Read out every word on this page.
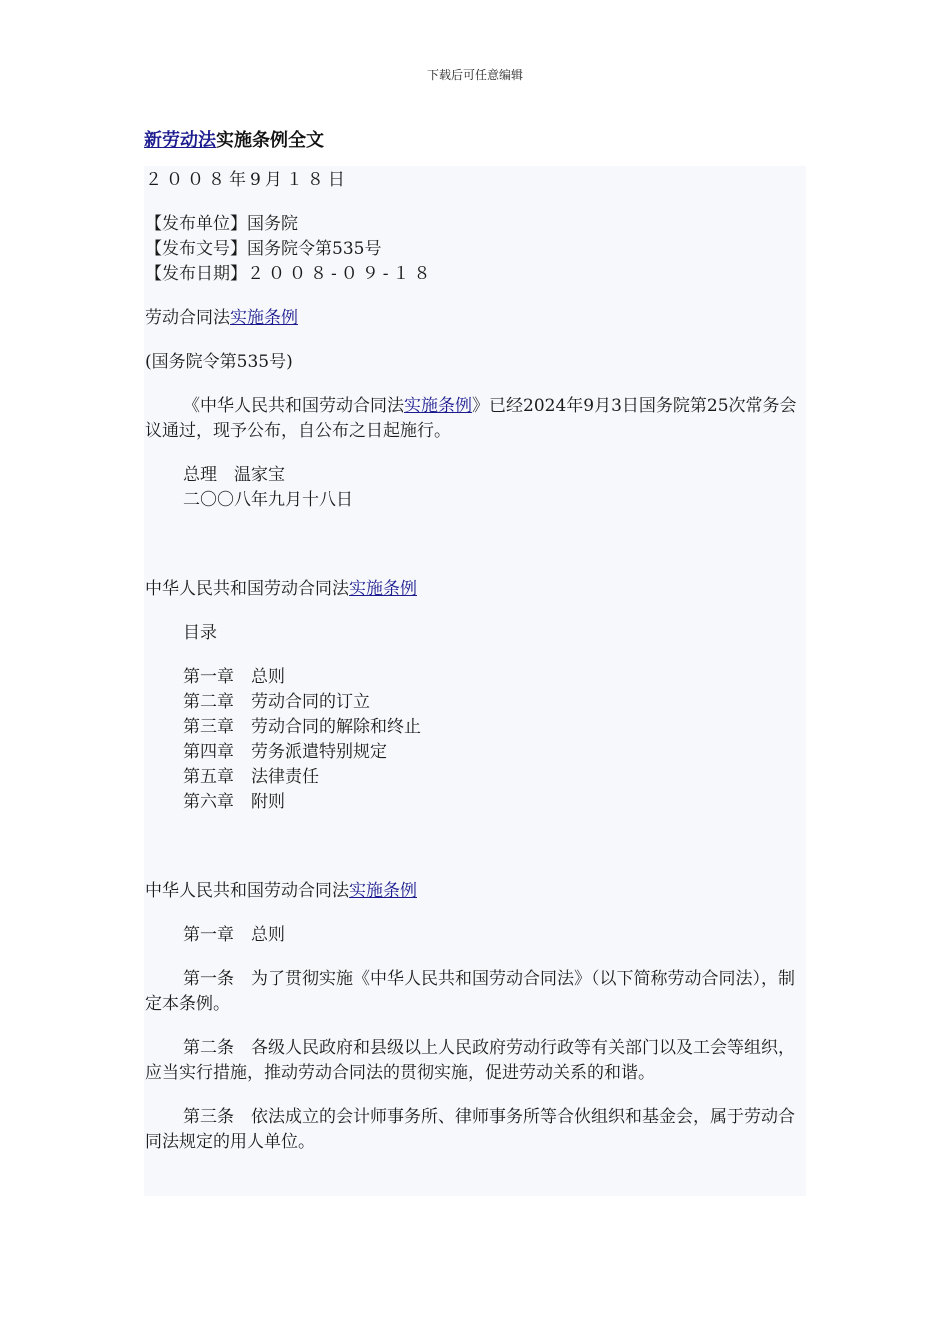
下载后可任意编辑
新劳动法实施条例全文

２００８年9月１８日

【发布单位】国务院

【发布文号】国务院令第535号

【发布日期】２００８-０９-１８

劳动合同法实施条例

(国务院令第535号)

《中华人民共和国劳动合同法实施条例》已经2024年9月3日国务院第25次常务会议通过，现予公布，自公布之日起施行。

总理　温家宝

二〇〇八年九月十八日

中华人民共和国劳动合同法实施条例

目录

第一章　总则

第二章　劳动合同的订立

第三章　劳动合同的解除和终止

第四章　劳务派遣特别规定

第五章　法律责任

第六章　附则

中华人民共和国劳动合同法实施条例

第一章　总则

第一条　为了贯彻实施《中华人民共和国劳动合同法》（以下简称劳动合同法），制定本条例。

第二条　各级人民政府和县级以上人民政府劳动行政等有关部门以及工会等组织，应当实行措施，推动劳动合同法的贯彻实施，促进劳动关系的和谐。

第三条　依法成立的会计师事务所、律师事务所等合伙组织和基金会，属于劳动合同法规定的用人单位。
